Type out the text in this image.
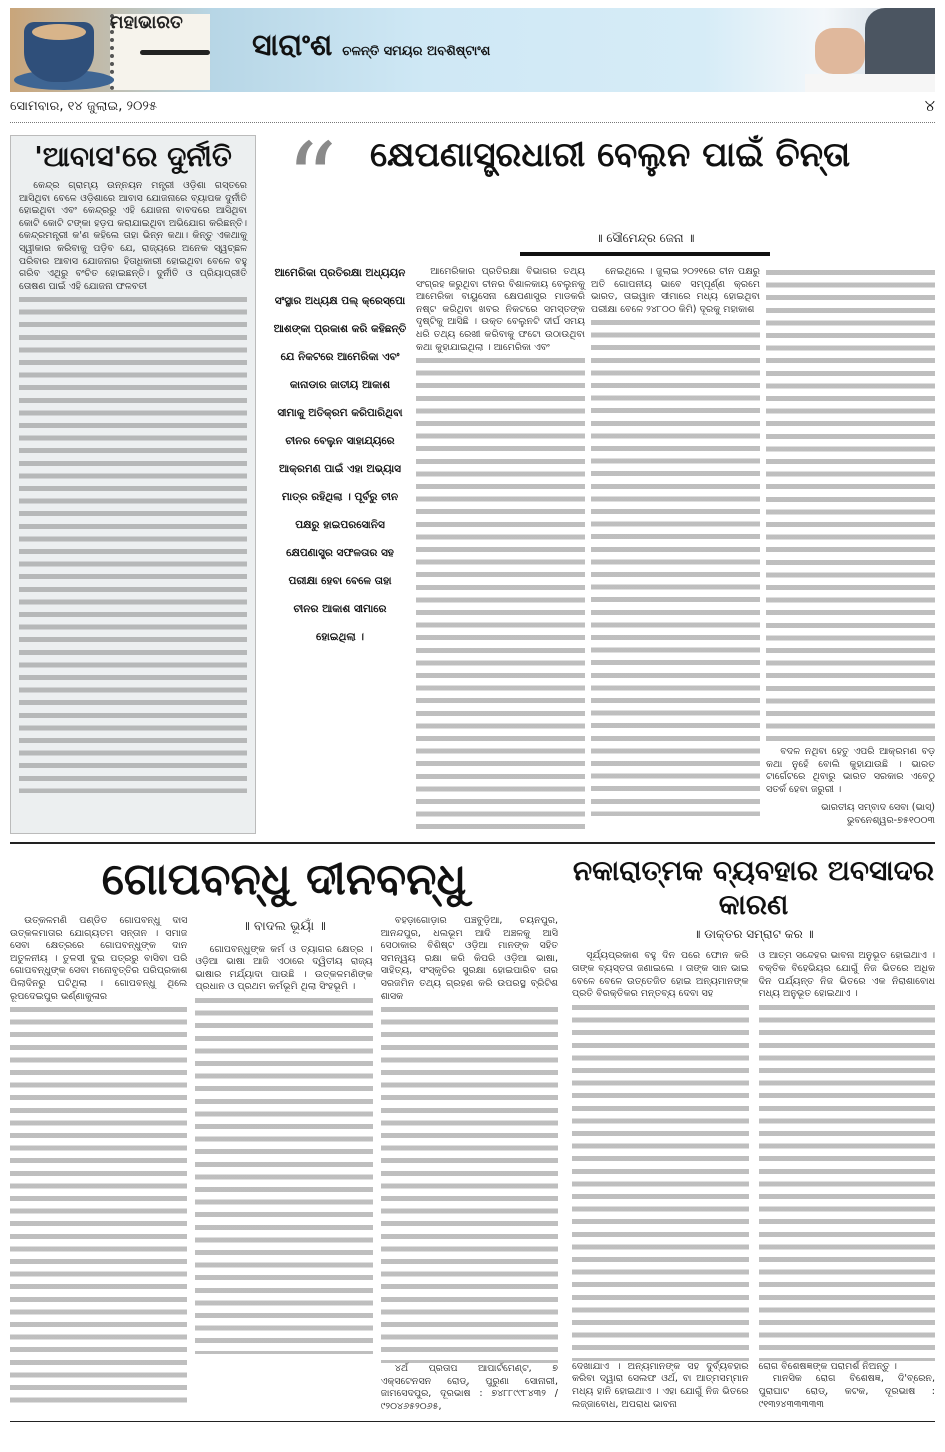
ମହାଭାରତ
ସାରାଂଶ ଚଳନ୍ତି ସମୟର ଅବଶିଷ୍ଟାଂଶ
ସୋମବାର, ୧୪ ଜୁଲାଇ, ୨୦୨୫	୪
'ଆବାସ'ରେ ଦୁର୍ନୀତି

କେନ୍ଦ୍ର ଗ୍ରାମ୍ୟ ଉନ୍ନୟନ ମନ୍ତ୍ରୀ ଓଡ଼ିଶା ଗସ୍ତରେ ଆସିଥିବା ବେଳେ ଓଡ଼ିଶାରେ ଆବାସ ଯୋଜନାରେ ବ୍ୟାପକ ଦୁର୍ନୀତି ହୋଇଥିବା ଏବଂ କେନ୍ଦ୍ରରୁ ଏହି ଯୋଜନା ବାବଦରେ ଆସିଥିବା କୋଟି କୋଟି ଟଙ୍କା ହଡ଼ପ କରାଯାଇଥିବା ଅଭିଯୋଗ କରିଛନ୍ତି। କେନ୍ଦ୍ରମନ୍ତ୍ରୀ କ'ଣ କହିଲେ ତାହା ଭିନ୍ନ କଥା। କିନ୍ତୁ ଏକଥାକୁ ସ୍ୱୀକାର କରିବାକୁ ପଡ଼ିବ ଯେ, ରାଜ୍ୟରେ ଅନେକ ସ୍ୱଚ୍ଛଳ ପରିବାର ଆବାସ ଯୋଜନାର ହିତାଧିକାରୀ ହୋଇଥିବା ବେଳେ ବହୁ ଗରିବ ଏଥିରୁ ବଂଚିତ ହୋଇଛନ୍ତି। ଦୁର୍ନୀତି ଓ ପ୍ରିୟାପ୍ରୀତି ତୋଷଣ ପାଇଁ ଏହି ଯୋଜନା ଫଳବତୀ

“ କ୍ଷେପଣାସ୍ତ୍ରଧାରୀ ବେଲୁନ ପାଇଁ ଚିନ୍ତା
॥ ସୌମେନ୍ଦ୍ର ଜେନା ॥
ଆମେରିକା ପ୍ରତିରକ୍ଷା ଅଧ୍ୟୟନ
ସଂସ୍ଥାର ଅଧ୍ୟକ୍ଷ ପଲ୍ କ୍ରେସ୍‌ପୋ
ଆଶଙ୍କା ପ୍ରକାଶ କରି କହିଛନ୍ତି
ଯେ ନିକଟରେ ଆମେରିକା ଏବଂ
କାନାଡାର ଜାତୀୟ ଆକାଶ
ସୀମାକୁ ଅତିକ୍ରମ କରିପାରିଥିବା
ଚୀନର ବେଲୁନ ସାହାଯ୍ୟରେ
ଆକ୍ରମଣ ପାଇଁ ଏହା ଅଭ୍ୟାସ
ମାତ୍ର ରହିଥିଲା । ପୂର୍ବରୁ ଚୀନ
ପକ୍ଷରୁ ହାଇପରସୋନିସ
କ୍ଷେପଣାସ୍ତ୍ର ସଫଳତାର ସହ
ପରୀକ୍ଷା ହେବା ବେଳେ ତାହା
ଚୀନର ଆକାଶ ସୀମାରେ
ହୋଇଥିଲା ।

ଆମେରିକାର ପ୍ରତିରକ୍ଷା ବିଭାଗର ତଥ୍ୟ ସଂଗ୍ରହ କରୁଥିବା ଚୀନର ବିଶାଳକାୟ ବେଲୁନକୁ ଆମେରିକା ବାୟୁସେନା କ୍ଷେପଣାସ୍ତ୍ର ମାଡକରି ନଷ୍ଟ କରିଥିବା ଖବର ନିକଟରେ ସମସ୍ତଙ୍କ ଦୃଷ୍ଟିକୁ ଆସିଛି । ଉକ୍ତ ବେଲୁନଟି ଦୀର୍ଘ ସମୟ ଧରି ତଥ୍ୟ ରେଖୀ କରିବାକୁ ଫଟୋ ଉଠାଉଥିବା କଥା କୁହାଯାଇଥିଲା । ଆମେରିକା ଏବଂ

ନେଇଥିଲେ । ଜୁଲାଇ ୨୦୨୧ରେ ଚୀନ ପକ୍ଷରୁ ଅତି ଗୋପନୀୟ ଭାବେ ସମ୍ପୂର୍ଣ୍ଣ କ୍ରମେ ଭାରତ, ତାଇୱାନ ସୀମାରେ ମଧ୍ୟ ହୋଇଥିବା ପରୀକ୍ଷା ବେଳେ ୨୪୮୦୦ କିମି) ଦୂରକୁ ମହାକାଶ

ବଦଳ ନଥିବା ହେତୁ ଏପରି ଆକ୍ରମଣ ବଡ଼ କଥା ନୁହେଁ ବୋଲି କୁହାଯାଉଛି । ଭାରତ ଟାର୍ଗେଟରେ ଥିବାରୁ ଭାରତ ସରକାର ଏବେଠୁ ସତର୍କ ହେବା ଜରୁରୀ ।

ଭାରତୀୟ ସମ୍ବାଦ ସେବା (ଭାସ୍)

ଭୁବନେଶ୍ୱର-୭୫୧୦୦୩

ଗୋପବନ୍ଧୁ ଦୀନବନ୍ଧୁ

ଉତ୍କଳମଣି ପଣ୍ଡିତ ଗୋପବନ୍ଧୁ ଦାସ ଉତ୍କଳମାତାର ଯୋଗ୍ୟତମ ସନ୍ତାନ । ସମାଜ ସେବା କ୍ଷେତ୍ରରେ ଗୋପବନ୍ଧୁଙ୍କ ଦାନ ଅତୁଳନୀୟ । ତୁଳସୀ ଦୁଇ ପତ୍ରରୁ ବାସିବା ପରି ଗୋପବନ୍ଧୁଙ୍କ ସେବା ମନୋବୃତ୍ତିର ପରିପ୍ରକାଶ ପିଲାଦିନରୁ ଘଟିଥିଲା । ଗୋପବନ୍ଧୁ ଥିଲେ ରୂପଦେଇପୁର ଭର୍ଣ୍ଣାକୁଳାର

॥ ବାଦଲ ଭୂୟାଁ ॥

ଗୋପବନ୍ଧୁଙ୍କ କର୍ମ ଓ ତ୍ୟାଗର କ୍ଷେତ୍ର । ଓଡ଼ିଆ ଭାଷା ଆଜି ଏଠାରେ ଦ୍ୱିତୀୟ ରାଜ୍ୟ ଭାଷାର ମର୍ଯ୍ୟାଦା ପାଉଛି । ଉତ୍କଳମଣିଙ୍କ ପ୍ରଧାନ ଓ ପ୍ରଥମ କର୍ମଭୂମି ଥିଲା ସିଂହଭୂମି ।

ବହଡ଼ାଗୋଡ଼ାର ପଞ୍ଚବୁଡ଼ିଆ, ଚୟନପୁର, ଆନନ୍ଦପୁର, ଧଲଭୂମ ଆଦି ଅଞ୍ଚଳକୁ ଆସି ସେଠାକାର ବିଶିଷ୍ଟ ଓଡ଼ିଆ ମାନଙ୍କ ସହିତ ସମନ୍ୱୟ ରକ୍ଷା କରି କିପରି ଓଡ଼ିଆ ଭାଷା, ସାହିତ୍ୟ, ସଂସ୍କୃତିର ସୁରକ୍ଷା ହୋଇପାରିବ ତାର ସରଜମିନ ତଥ୍ୟ ଗ୍ରହଣ କରି ଉପରସ୍ଥ ବ୍ରିଟିଶ ଶାସକ

୪ର୍ଥ ପ୍ରତାପ ଆପାର୍ଟମେଣ୍ଟ, ୭ ଏକ୍ସଟେନସନ ରୋଡ୍, ପୁରୁଣା ସୋନାରୀ, ଜାମସେଦପୁର, ଦୂରଭାଷ : ୭୪୮୮୯୯୮୪୩୨ / ୯୨୦୪୬୫୨୦୬୫,

ନକାରାତ୍ମକ ବ୍ୟବହାର ଅବସାଦର କାରଣ
॥ ଡାକ୍ତର ସମ୍ରାଟ କର ॥

ସୂର୍ଯ୍ୟପ୍ରକାଶ ବହୁ ଦିନ ପରେ ଫୋନ କରି ତାଙ୍କ ବ୍ୟସ୍ତତା ଜଣାଇଲେ । ତାଙ୍କ ସାନ ଭାଇ ବେଳେ ବେଳେ ଉତ୍ତେଜିତ ହୋଇ ଅନ୍ୟମାନଙ୍କ ପ୍ରତି ବିରକ୍ତିକର ମନ୍ତବ୍ୟ ଦେବା ସହ

ଦେଖାଯାଏ । ଅନ୍ୟମାନଙ୍କ ସହ ଦୁର୍ବ୍ୟବହାର କରିବା ଦ୍ୱାରା ସେଲଫ ଓର୍ଥ, ବା ଆତ୍ମସମ୍ମାନ ମଧ୍ୟ ହାନି ହୋଇଥାଏ । ଏହା ଯୋଗୁଁ ନିଜ ଭିତରେ ଲଜ୍ଜାବୋଧ, ଅପରାଧ ଭାବନା

ଓ ଆତ୍ମ ସନ୍ଦେହର ଭାବନା ଅନୁଭୂତ ହୋଇଥାଏ । ବକ୍ତିକ ବିହେଭିୟର ଯୋଗୁଁ ନିଜ ଭିତରେ ଅଧିକ ଦିନ ପର୍ଯ୍ୟନ୍ତ ନିଜ ଭିତରେ ଏକ ନିରାଶାବୋଧ ମଧ୍ୟ ଅନୁଭୂତ ହୋଇଥାଏ ।

ରୋଗ ବିଶେଷଜ୍ଞଙ୍କ ପରାମର୍ଶ ନିଅନ୍ତୁ ।

ମାନସିକ ରୋଗ ବିଶେଷଜ୍ଞ, ଦି'ବ୍ରେନ, ପୁରାଘାଟ ରୋଡ୍, କଟକ, ଦୂରଭାଷ : ୯୧୩୨୪୩୩୩୩୩
